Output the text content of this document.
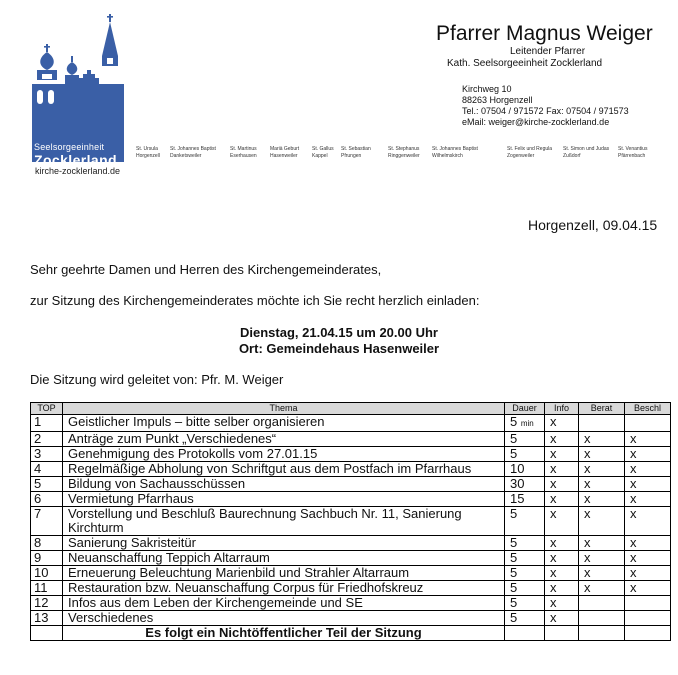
Seelsorgeeinheit
Zocklerland
kirche-zocklerland.de
St. Ursula
Horgenzell
St. Johannes Baptist
Danketsweiler
St. Martinus
Eserhausen
Mariä Geburt
Hasenweiler
St. Gallus
Kappel
St. Sebastian
Pfrungen
St. Stephanus
Ringgenweiler
St. Johannes Baptist
Wilhelmskirch
St. Felix und Regula
Zogenweiler
St. Simon und Judas
Zußdorf
St. Venantius
Pfärrenbach
Pfarrer Magnus Weiger
Leitender Pfarrer
Kath. Seelsorgeeinheit Zocklerland
Kirchweg 10
88263 Horgenzell
Tel.: 07504 / 971572 Fax: 07504 / 971573
eMail: weiger@kirche-zocklerland.de
Horgenzell, 09.04.15
Sehr geehrte Damen und Herren des Kirchengemeinderates,
zur Sitzung des Kirchengemeinderates möchte ich Sie recht herzlich einladen:
Dienstag, 21.04.15 um 20.00 Uhr
Ort: Gemeindehaus Hasenweiler
Die Sitzung wird geleitet von: Pfr. M. Weiger
TOP	Thema	Dauer	Info	Berat	Beschl
1	Geistlicher Impuls – bitte selber organisieren	5 min	x		
2	Anträge zum Punkt „Verschiedenes“	5	x	x	x
3	Genehmigung des Protokolls vom 27.01.15	5	x	x	x
4	Regelmäßige Abholung von Schriftgut aus dem Postfach im Pfarrhaus	10	x	x	x
5	Bildung von Sachausschüssen	30	x	x	x
6	Vermietung Pfarrhaus	15	x	x	x
7	Vorstellung und Beschluß Baurechnung Sachbuch Nr. 11, Sanierung Kirchturm	5	x	x	x
8	Sanierung Sakristeitür	5	x	x	x
9	Neuanschaffung Teppich Altarraum	5	x	x	x
10	Erneuerung Beleuchtung Marienbild und Strahler Altarraum	5	x	x	x
11	Restauration bzw. Neuanschaffung Corpus für Friedhofskreuz	5	x	x	x
12	Infos aus dem Leben der Kirchengemeinde und SE	5	x		
13	Verschiedenes	5	x		
	Es folgt ein Nichtöffentlicher Teil der Sitzung				
